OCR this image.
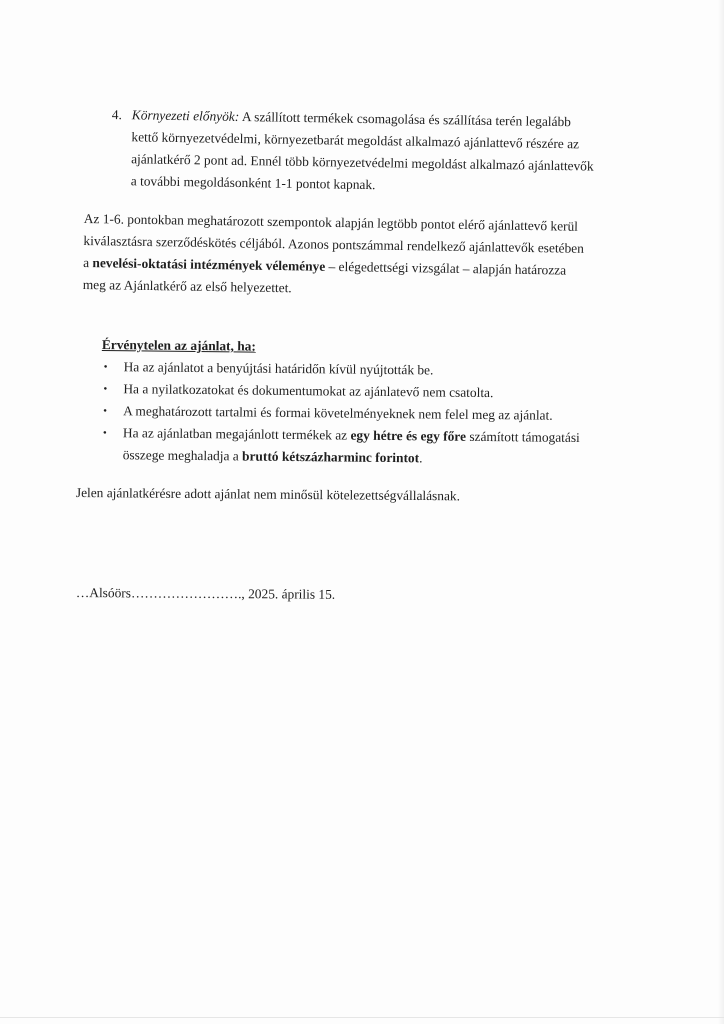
4. Környezeti előnyök: A szállított termékek csomagolása és szállítása terén legalább
kettő környezetvédelmi, környezetbarát megoldást alkalmazó ajánlattevő részére az
ajánlatkérő 2 pont ad. Ennél több környezetvédelmi megoldást alkalmazó ajánlattevők
a további megoldásonként 1-1 pontot kapnak.
Az 1-6. pontokban meghatározott szempontok alapján legtöbb pontot elérő ajánlattevő kerül
kiválasztásra szerződéskötés céljából. Azonos pontszámmal rendelkező ajánlattevők esetében
a nevelési-oktatási intézmények véleménye – elégedettségi vizsgálat – alapján határozza
meg az Ajánlatkérő az első helyezettet.
Érvénytelen az ajánlat, ha:
• Ha az ajánlatot a benyújtási határidőn kívül nyújtották be.
• Ha a nyilatkozatokat és dokumentumokat az ajánlatevő nem csatolta.
• A meghatározott tartalmi és formai követelményeknek nem felel meg az ajánlat.
• Ha az ajánlatban megajánlott termékek az egy hétre és egy főre számított támogatási
összege meghaladja a bruttó kétszázharminc forintot.
Jelen ajánlatkérésre adott ajánlat nem minősül kötelezettségvállalásnak.
…Alsóörs……………………., 2025. április 15.
